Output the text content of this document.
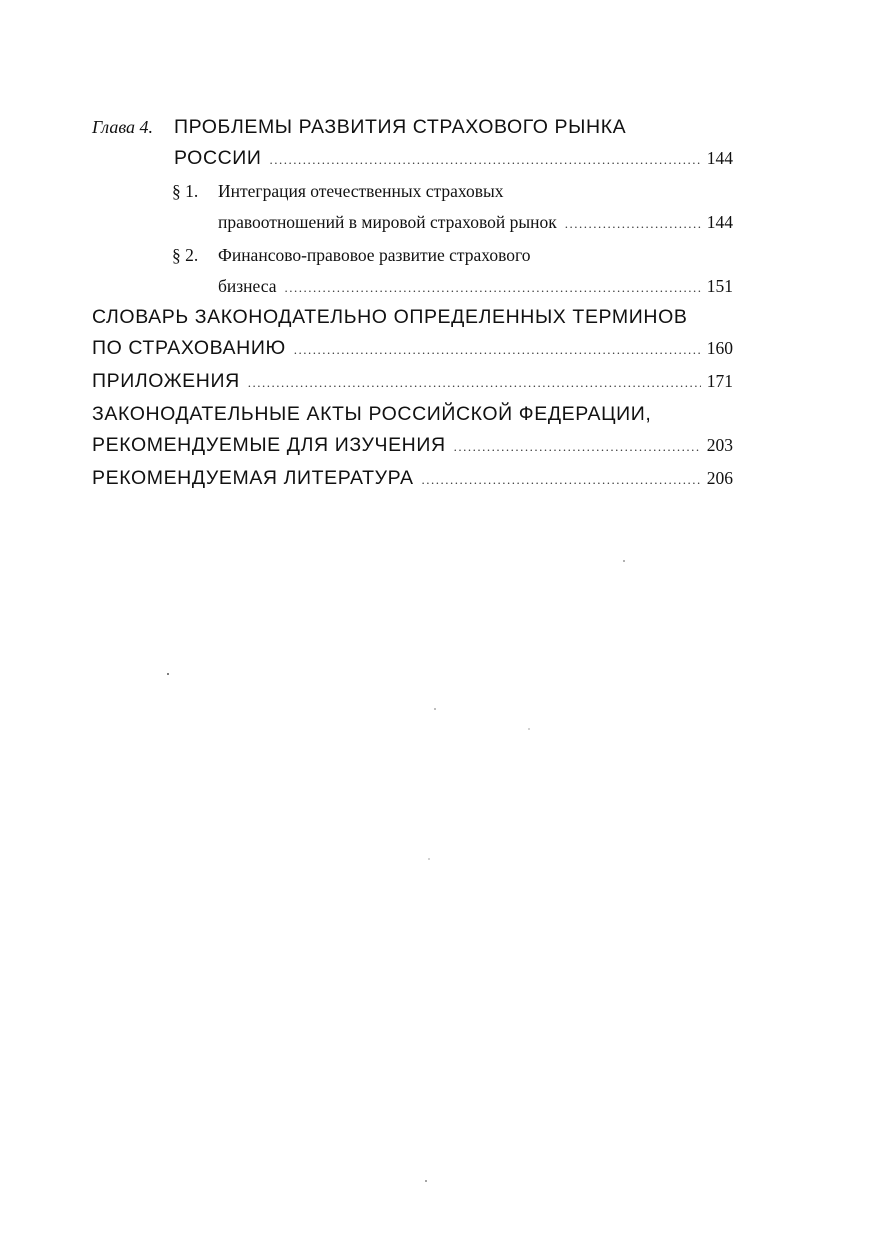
Глава 4.	ПРОБЛЕМЫ РАЗВИТИЯ СТРАХОВОГО РЫНКА
РОССИИ .....	144
§ 1.	Интеграция отечественных страховых
правоотношений в мировой страховой рынок .....	144
§ 2.	Финансово-правовое развитие страхового
бизнеса .....	151
СЛОВАРЬ ЗАКОНОДАТЕЛЬНО ОПРЕДЕЛЕННЫХ ТЕРМИНОВ
ПО СТРАХОВАНИЮ .....	160
ПРИЛОЖЕНИЯ .....	171
ЗАКОНОДАТЕЛЬНЫЕ АКТЫ РОССИЙСКОЙ ФЕДЕРАЦИИ,
РЕКОМЕНДУЕМЫЕ ДЛЯ ИЗУЧЕНИЯ .....	203
РЕКОМЕНДУЕМАЯ ЛИТЕРАТУРА .....	206
